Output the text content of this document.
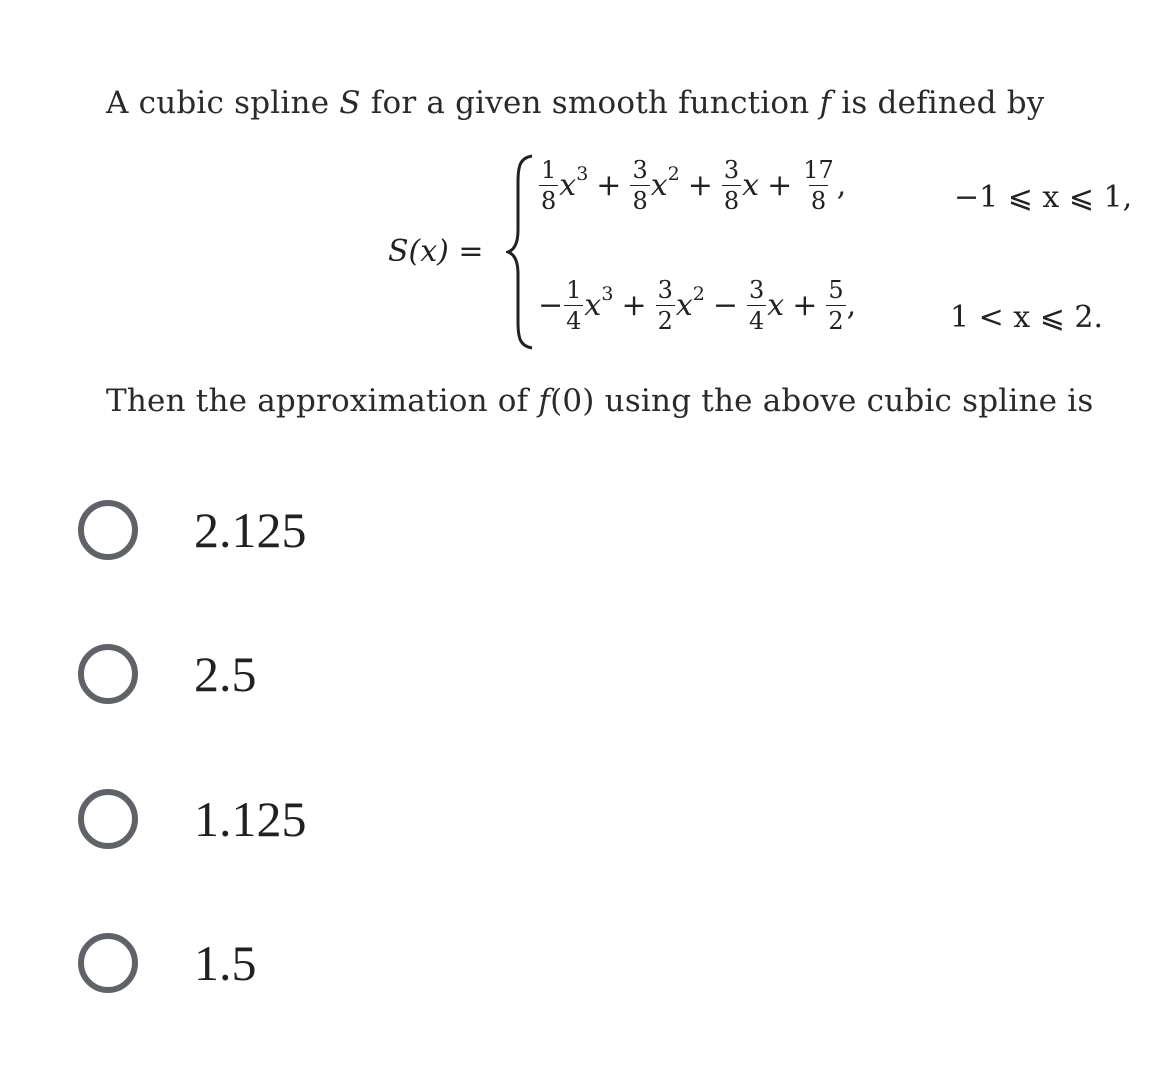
A cubic spline S for a given smooth function f is defined by
S(x) =
$\frac{1}{8}$ x $3 + \frac{3}{8}$ x $2 + \frac{3}{8}$ $x + \frac{17}{8}$ ,	−1 ⩽ x ⩽ 1,
− $\frac{1}{4}$ x $3 + \frac{3}{2}$ x $2 - \frac{3}{4}$ $x + \frac{5}{2}$ ,	1 < x ⩽ 2.
Then the approximation of f(0) using the above cubic spline is
2.125
2.5
1.125
1.5
